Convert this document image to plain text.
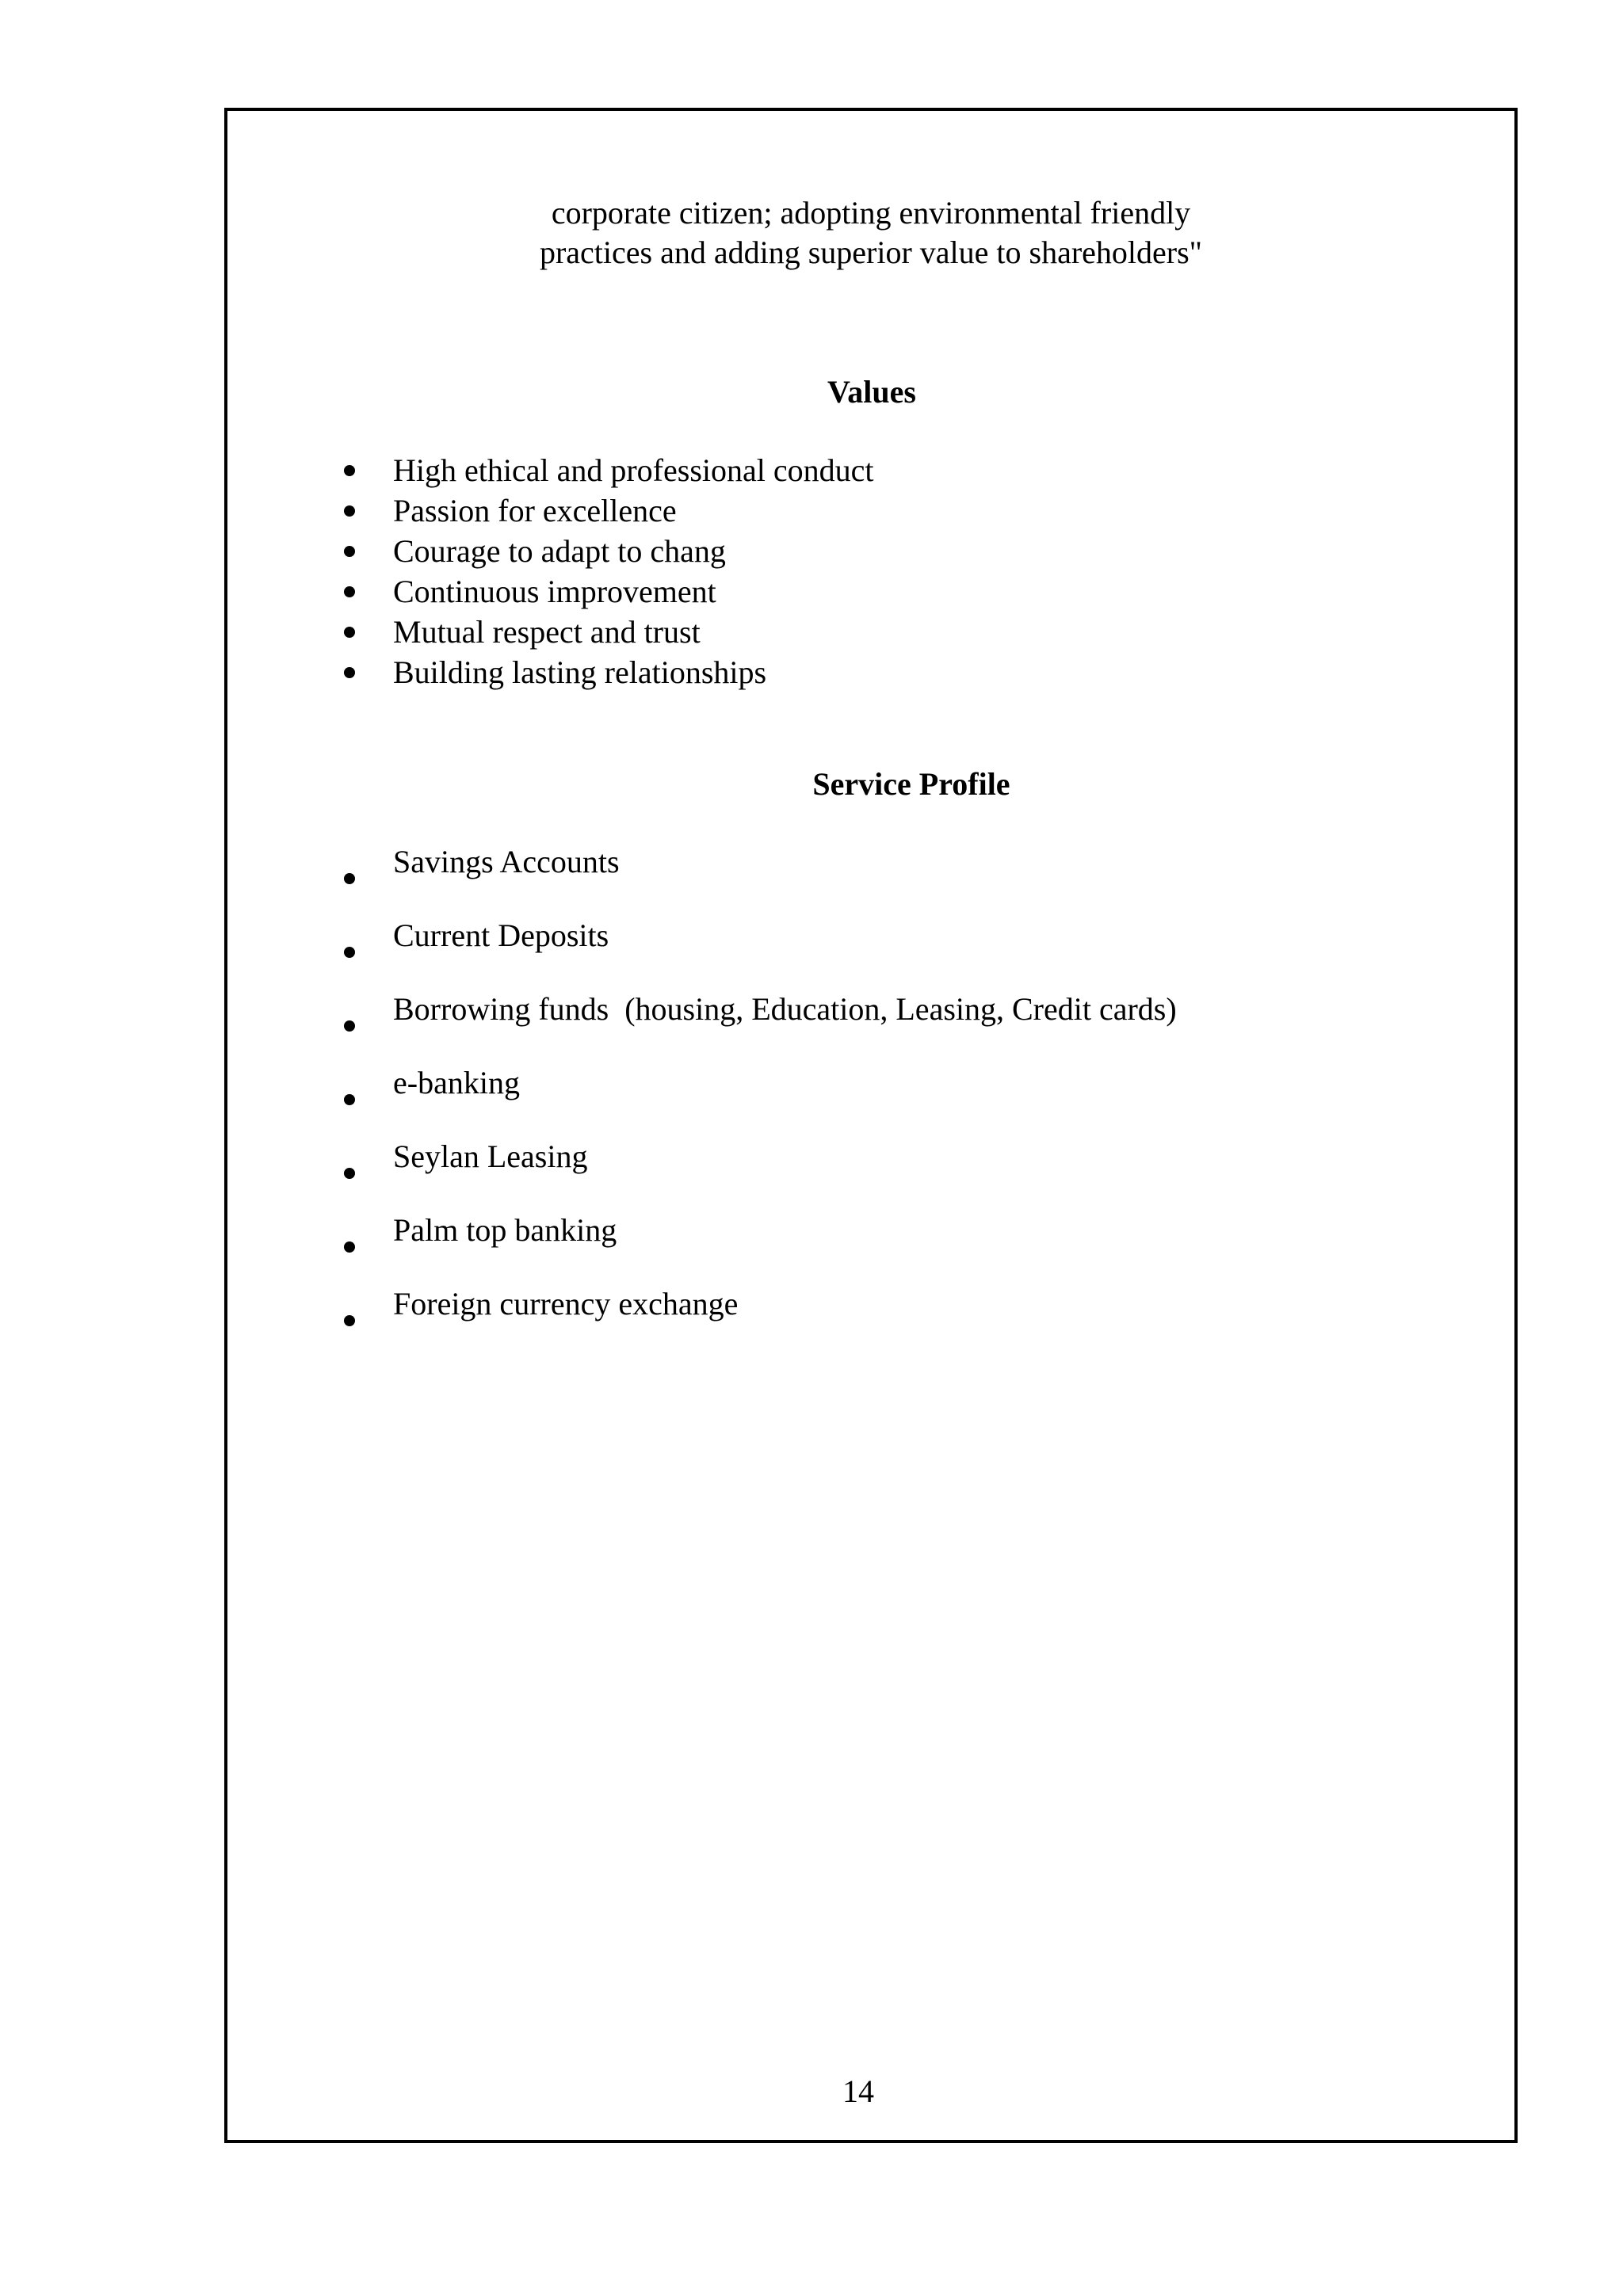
corporate citizen; adopting environmental friendly
practices and adding superior value to shareholders"
Values
High ethical and professional conduct
Passion for excellence
Courage to adapt to chang
Continuous improvement
Mutual respect and trust
Building lasting relationships
Service Profile
Savings Accounts
Current Deposits
Borrowing funds  (housing, Education, Leasing, Credit cards)
e-banking
Seylan Leasing
Palm top banking
Foreign currency exchange
14
